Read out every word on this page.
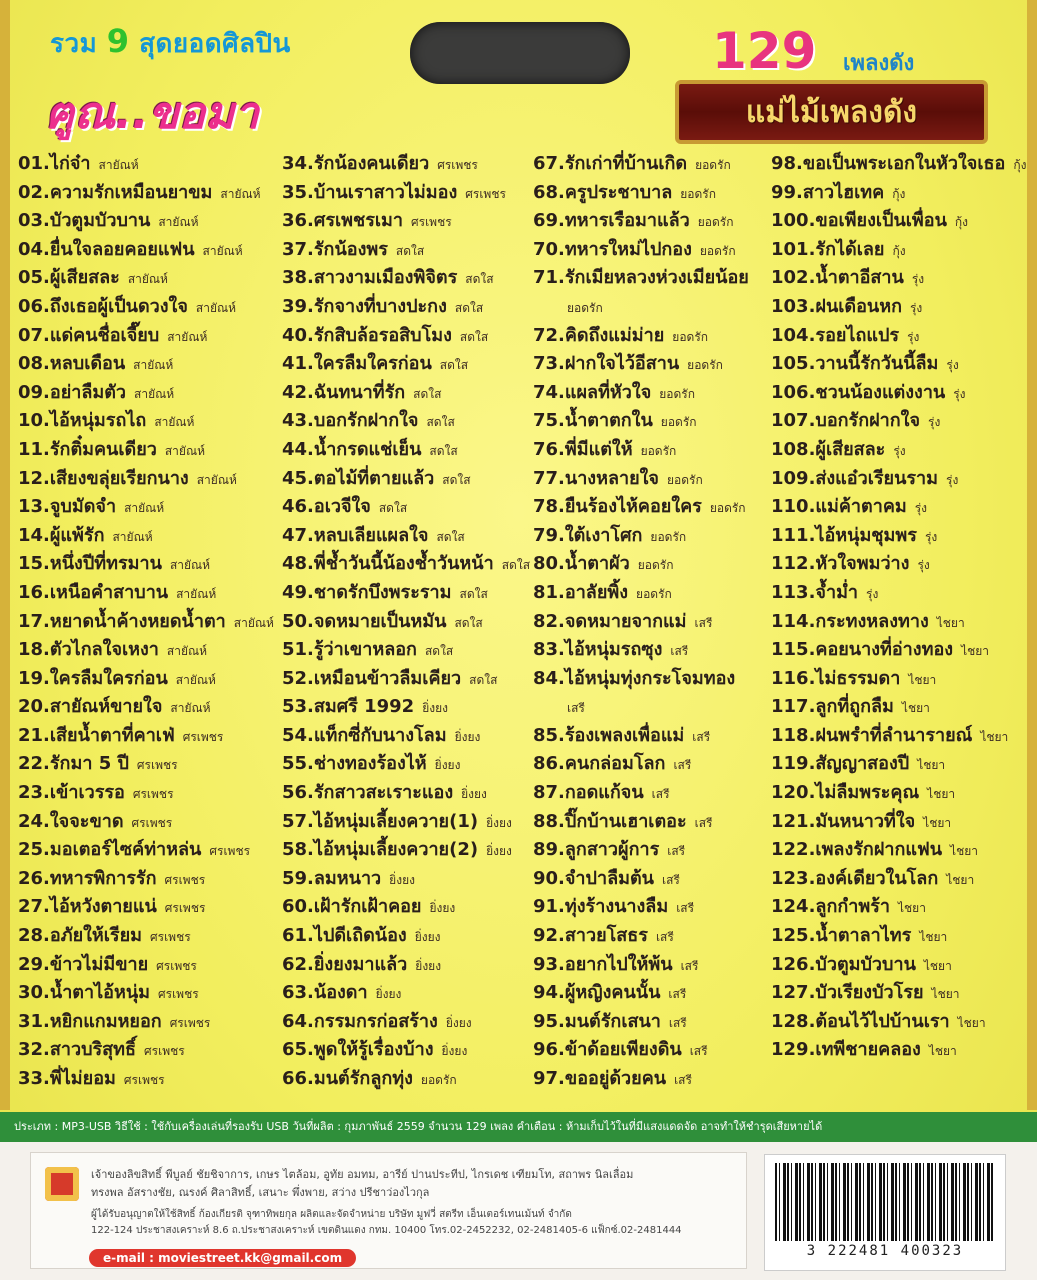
รวม 9 สุดยอดศิลปิน
ฅูณ..ขอมา
129 เพลงดัง
แม่ไม้เพลงดัง
01.ไก่จ๋า สายัณห์
02.ความรักเหมือนยาขม สายัณห์
03.บัวตูมบัวบาน สายัณห์
04.ยื่นใจลอยคอยแฟน สายัณห์
05.ผู้เสียสละ สายัณห์
06.ถึงเธอผู้เป็นดวงใจ สายัณห์
07.แด่คนชื่อเจี๊ยบ สายัณห์
08.หลบเดือน สายัณห์
09.อย่าลืมตัว สายัณห์
10.ไอ้หนุ่มรถไถ สายัณห์
11.รักติ๋มคนเดียว สายัณห์
12.เสียงขลุ่ยเรียกนาง สายัณห์
13.จูบมัดจำ สายัณห์
14.ผู้แพ้รัก สายัณห์
15.หนึ่งปีที่ทรมาน สายัณห์
16.เหนือคำสาบาน สายัณห์
17.หยาดน้ำค้างหยดน้ำตา สายัณห์
18.ตัวไกลใจเหงา สายัณห์
19.ใครลืมใครก่อน สายัณห์
20.สายัณห์ขายใจ สายัณห์
21.เสียน้ำตาที่คาเฟ่ ศรเพชร
22.รักมา 5 ปี ศรเพชร
23.เข้าเวรรอ ศรเพชร
24.ใจจะขาด ศรเพชร
25.มอเตอร์ไซค์ท่าหล่น ศรเพชร
26.ทหารพิการรัก ศรเพชร
27.ไอ้หวังตายแน่ ศรเพชร
28.อภัยให้เรียม ศรเพชร
29.ข้าวไม่มีขาย ศรเพชร
30.น้ำตาไอ้หนุ่ม ศรเพชร
31.หยิกแกมหยอก ศรเพชร
32.สาวบริสุทธิ์ ศรเพชร
33.พี่ไม่ยอม ศรเพชร
34.รักน้องคนเดียว ศรเพชร
35.บ้านเราสาวไม่มอง ศรเพชร
36.ศรเพชรเมา ศรเพชร
37.รักน้องพร สดใส
38.สาวงามเมืองพิจิตร สดใส
39.รักจางที่บางปะกง สดใส
40.รักสิบล้อรอสิบโมง สดใส
41.ใครลืมใครก่อน สดใส
42.ฉันทนาที่รัก สดใส
43.บอกรักฝากใจ สดใส
44.น้ำกรดแช่เย็น สดใส
45.ตอไม้ที่ตายแล้ว สดใส
46.อเวจีใจ สดใส
47.หลบเลียแผลใจ สดใส
48.พี่ช้ำวันนี้น้องช้ำวันหน้า สดใส
49.ชาดรักบึงพระราม สดใส
50.จดหมายเป็นหมัน สดใส
51.รู้ว่าเขาหลอก สดใส
52.เหมือนข้าวลืมเคียว สดใส
53.สมศรี 1992 ยิ่งยง
54.แท็กซี่กับนางโลม ยิ่งยง
55.ช่างทองร้องไห้ ยิ่งยง
56.รักสาวสะเราะแอง ยิ่งยง
57.ไอ้หนุ่มเลี้ยงควาย(1) ยิ่งยง
58.ไอ้หนุ่มเลี้ยงควาย(2) ยิ่งยง
59.ลมหนาว ยิ่งยง
60.เฝ้ารักเฝ้าคอย ยิ่งยง
61.ไปดีเถิดน้อง ยิ่งยง
62.ยิ่งยงมาแล้ว ยิ่งยง
63.น้องดา ยิ่งยง
64.กรรมกรก่อสร้าง ยิ่งยง
65.พูดให้รู้เรื่องบ้าง ยิ่งยง
66.มนต์รักลูกทุ่ง ยอดรัก
67.รักเก่าที่บ้านเกิด ยอดรัก
68.ครูประชาบาล ยอดรัก
69.ทหารเรือมาแล้ว ยอดรัก
70.ทหารใหม่ไปกอง ยอดรัก
71.รักเมียหลวงห่วงเมียน้อย
ยอดรัก
72.คิดถึงแม่ม่าย ยอดรัก
73.ฝากใจไว้อีสาน ยอดรัก
74.แผลที่หัวใจ ยอดรัก
75.น้ำตาตกใน ยอดรัก
76.พี่มีแต่ให้ ยอดรัก
77.นางหลายใจ ยอดรัก
78.ยืนร้องไห้คอยใคร ยอดรัก
79.ใต้เงาโศก ยอดรัก
80.น้ำตาผัว ยอดรัก
81.อาลัยพิ้ง ยอดรัก
82.จดหมายจากแม่ เสรี
83.ไอ้หนุ่มรถซุง เสรี
84.ไอ้หนุ่มทุ่งกระโจมทอง
เสรี
85.ร้องเพลงเพื่อแม่ เสรี
86.คนกล่อมโลก เสรี
87.กอดแก้จน เสรี
88.ปิ๊กบ้านเฮาเตอะ เสรี
89.ลูกสาวผู้การ เสรี
90.จำปาลืมต้น เสรี
91.ทุ่งร้างนางลืม เสรี
92.สาวยโสธร เสรี
93.อยากไปให้พ้น เสรี
94.ผู้หญิงคนนั้น เสรี
95.มนต์รักเสนา เสรี
96.ข้าด้อยเพียงดิน เสรี
97.ขออยู่ด้วยคน เสรี
98.ขอเป็นพระเอกในหัวใจเธอ กุ้ง
99.สาวไฮเทค กุ้ง
100.ขอเพียงเป็นเพื่อน กุ้ง
101.รักได้เลย กุ้ง
102.น้ำตาอีสาน รุ่ง
103.ฝนเดือนหก รุ่ง
104.รอยไถแปร รุ่ง
105.วานนี้รักวันนี้ลืม รุ่ง
106.ชวนน้องแต่งงาน รุ่ง
107.บอกรักฝากใจ รุ่ง
108.ผู้เสียสละ รุ่ง
109.ส่งแอ๋วเรียนราม รุ่ง
110.แม่ค้าตาคม รุ่ง
111.ไอ้หนุ่มชุมพร รุ่ง
112.หัวใจพมว่าง รุ่ง
113.จ้ำม่ำ รุ่ง
114.กระทงหลงทาง ไชยา
115.คอยนางที่อ่างทอง ไชยา
116.ไม่ธรรมดา ไชยา
117.ลูกที่ถูกลืม ไชยา
118.ฝนพรำที่ลำนารายณ์ ไชยา
119.สัญญาสองปี ไชยา
120.ไม่ลืมพระคุณ ไชยา
121.มันหนาวที่ใจ ไชยา
122.เพลงรักฝากแฟน ไชยา
123.องค์เดียวในโลก ไชยา
124.ลูกกำพร้า ไชยา
125.น้ำตาลาไทร ไชยา
126.บัวตูมบัวบาน ไชยา
127.บัวเรียงบัวโรย ไชยา
128.ต้อนไว้ไปบ้านเรา ไชยา
129.เทพีชายคลอง ไชยา
ประเภท : MP3-USB วิธีใช้ : ใช้กับเครื่องเล่นที่รองรับ USB วันที่ผลิต : กุมภาพันธ์ 2559 จำนวน 129 เพลง คำเตือน : ห้ามเก็บไว้ในที่มีแสงแดดจัด อาจทำให้ชำรุดเสียหายได้
เจ้าของลิขสิทธิ์ พีบูลย์ ชัยชิจาการ, เกษร ไตล้อม, อูทัย อมทม, อารีย์ ปานประทีป, ไกรเดช เฑียมโท, สถาพร นิลเลื่อม
ทรงพล อัสรางชัย, ณรงค์ ศิลาสิทธิ์, เสนาะ พึ่งพาย, สว่าง ปรีชาว่องไวกุล
ผู้ได้รับอนุญาตให้ใช้สิทธิ์ ก้องเกียรติ จุฑาทิพยกุล ผลิตและจัดจำหน่าย บริษัท มูฟวี่ สตรีท เอ็นเตอร์เทนเม้นท์ จำกัด
122-124 ประชาสงเคราะห์ 8.6 ถ.ประชาสงเคราะห์ เขตดินแดง กทม. 10400 โทร.02-2452232, 02-2481405-6 แฟ็กซ์.02-2481444
e-mail : moviestreet.kk@gmail.com	3 222481 400323
